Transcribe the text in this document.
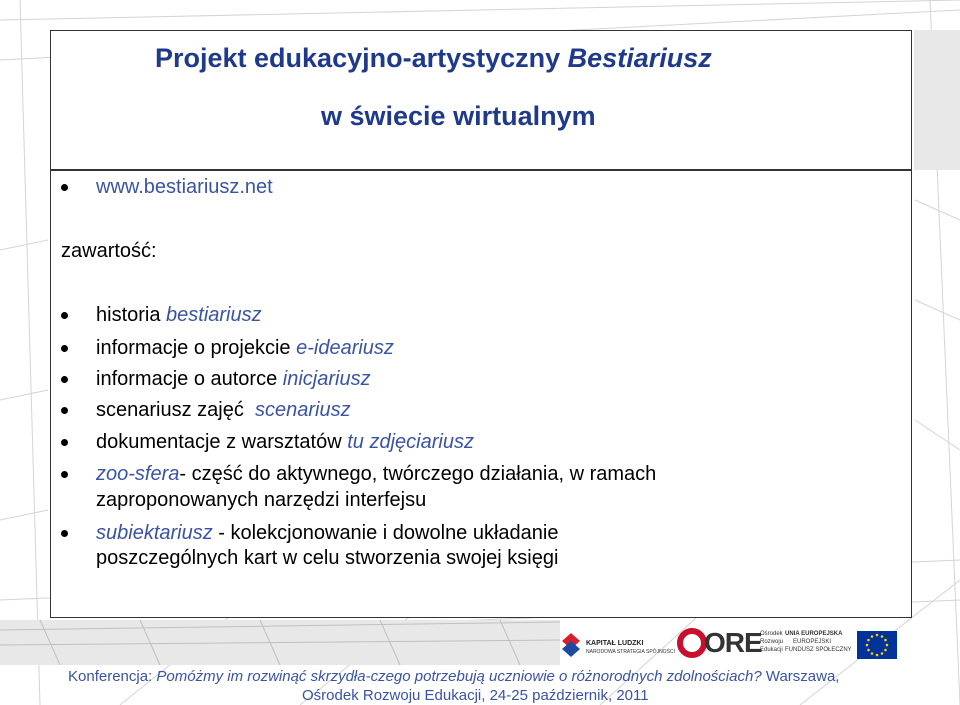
Projekt edukacyjno-artystyczny Bestiariusz
w świecie wirtualnym
www.bestiariusz.net
zawartość:
historia bestiariusz
informacje o projekcie e-ideariusz
informacje o autorce inicjariusz
scenariusz zajęć  scenariusz
dokumentacje z warsztatów tu zdjęciariusz
zoo-sfera- część do aktywnego, twórczego działania, w ramach
zaproponowanych narzędzi interfejsu
subiektariusz - kolekcjonowanie i dowolne układanie
poszczególnych kart w celu stworzenia swojej księgi
KAPITAŁ LUDZKI
NARODOWA STRATEGIA SPÓJNOŚCI ORE
Ośrodek
Rozwoju
Edukacji
UNIA EUROPEJSKA
EUROPEJSKI
FUNDUSZ SPOŁECZNY
Konferencja: Pomóżmy im rozwinąć skrzydła-czego potrzebują uczniowie o różnorodnych zdolnościach? Warszawa,
Ośrodek Rozwoju Edukacji, 24-25 październik, 2011
